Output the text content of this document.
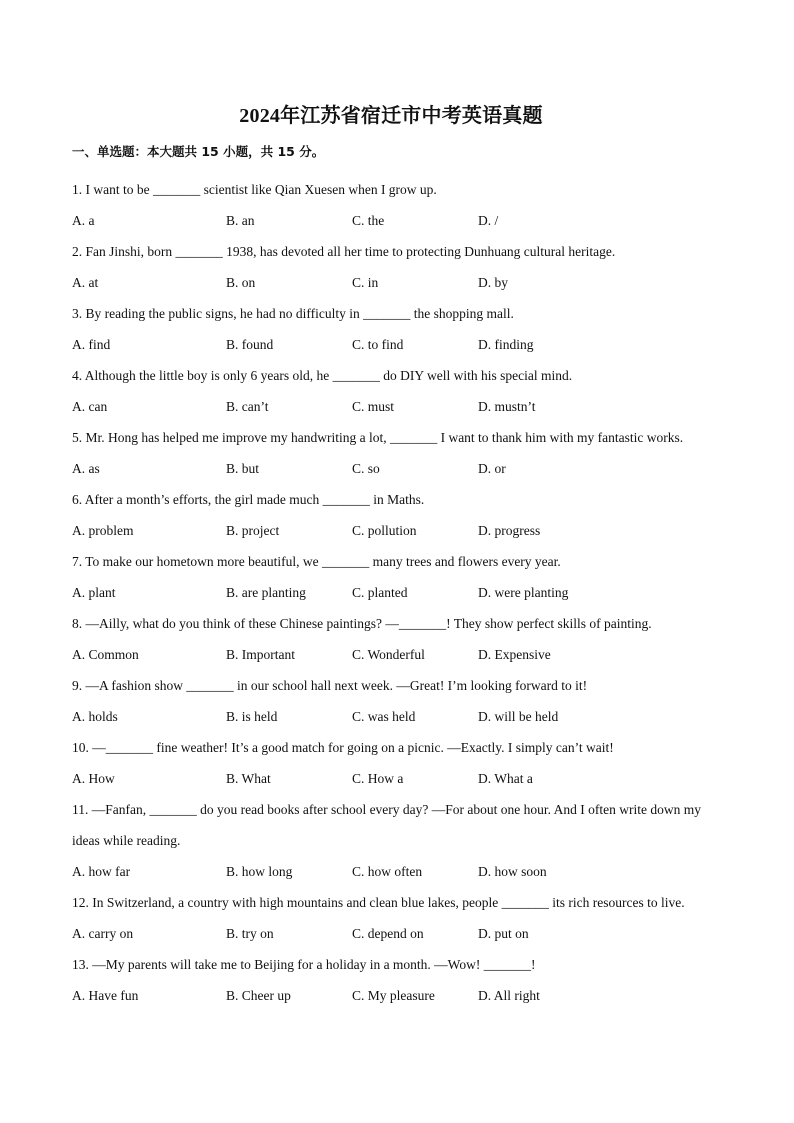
2024年江苏省宿迁市中考英语真题
一、单选题：本大题共 15 小题，共 15 分。
1. I want to be _______ scientist like Qian Xuesen when I grow up.
A. a	B. an	C. the	D. /
2. Fan Jinshi, born _______ 1938, has devoted all her time to protecting Dunhuang cultural heritage.
A. at	B. on	C. in	D. by
3. By reading the public signs, he had no difficulty in _______ the shopping mall.
A. find	B. found	C. to find	D. finding
4. Although the little boy is only 6 years old, he _______ do DIY well with his special mind.
A. can	B. can’t	C. must	D. mustn’t
5. Mr. Hong has helped me improve my handwriting a lot, _______ I want to thank him with my fantastic works.
A. as	B. but	C. so	D. or
6. After a month’s efforts, the girl made much _______ in Maths.
A. problem	B. project	C. pollution	D. progress
7. To make our hometown more beautiful, we _______ many trees and flowers every year.
A. plant	B. are planting	C. planted	D. were planting
8. —Ailly, what do you think of these Chinese paintings? —_______! They show perfect skills of painting.
A. Common	B. Important	C. Wonderful	D. Expensive
9. —A fashion show _______ in our school hall next week. —Great! I’m looking forward to it!
A. holds	B. is held	C. was held	D. will be held
10. —_______ fine weather! It’s a good match for going on a picnic. —Exactly. I simply can’t wait!
A. How	B. What	C. How a	D. What a
11. —Fanfan, _______ do you read books after school every day? —For about one hour. And I often write down my ideas while reading.
A. how far	B. how long	C. how often	D. how soon
12. In Switzerland, a country with high mountains and clean blue lakes, people _______ its rich resources to live.
A. carry on	B. try on	C. depend on	D. put on
13. —My parents will take me to Beijing for a holiday in a month. —Wow! _______!
A. Have fun	B. Cheer up	C. My pleasure	D. All right
